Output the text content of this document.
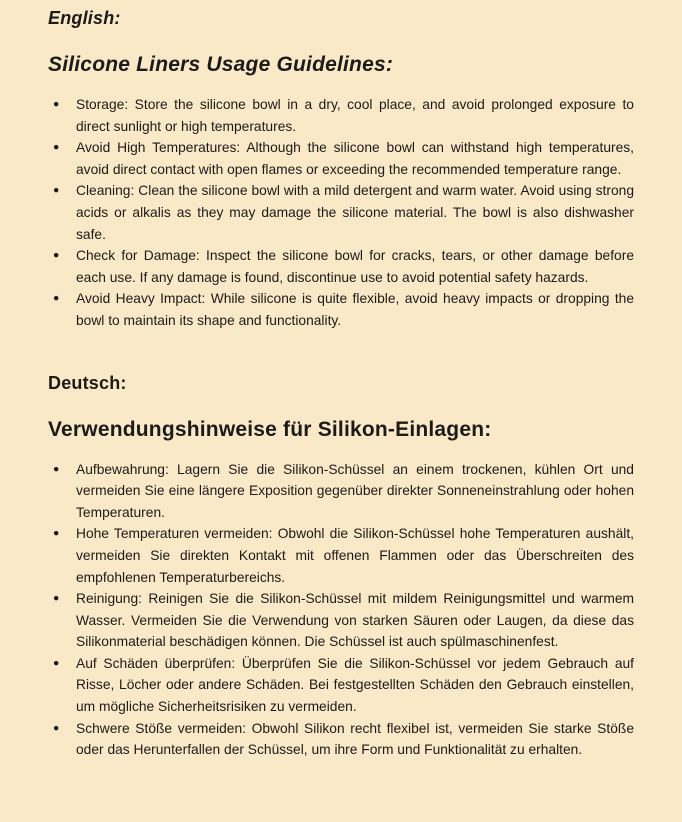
English:
Silicone Liners Usage Guidelines:
● Storage: Store the silicone bowl in a dry, cool place, and avoid prolonged exposure to direct sunlight or high temperatures.
● Avoid High Temperatures: Although the silicone bowl can withstand high temperatures, avoid direct contact with open flames or exceeding the recommended temperature range.
● Cleaning: Clean the silicone bowl with a mild detergent and warm water. Avoid using strong acids or alkalis as they may damage the silicone material. The bowl is also dishwasher safe.
● Check for Damage: Inspect the silicone bowl for cracks, tears, or other damage before each use. If any damage is found, discontinue use to avoid potential safety hazards.
● Avoid Heavy Impact: While silicone is quite flexible, avoid heavy impacts or dropping the bowl to maintain its shape and functionality.
Deutsch:
Verwendungshinweise für Silikon-Einlagen:
● Aufbewahrung: Lagern Sie die Silikon-Schüssel an einem trockenen, kühlen Ort und vermeiden Sie eine längere Exposition gegenüber direkter Sonneneinstrahlung oder hohen Temperaturen.
● Hohe Temperaturen vermeiden: Obwohl die Silikon-Schüssel hohe Temperaturen aushält, vermeiden Sie direkten Kontakt mit offenen Flammen oder das Überschreiten des empfohlenen Temperaturbereichs.
● Reinigung: Reinigen Sie die Silikon-Schüssel mit mildem Reinigungsmittel und warmem Wasser. Vermeiden Sie die Verwendung von starken Säuren oder Laugen, da diese das Silikonmaterial beschädigen können. Die Schüssel ist auch spülmaschinenfest.
● Auf Schäden überprüfen: Überprüfen Sie die Silikon-Schüssel vor jedem Gebrauch auf Risse, Löcher oder andere Schäden. Bei festgestellten Schäden den Gebrauch einstellen, um mögliche Sicherheitsrisiken zu vermeiden.
● Schwere Stöße vermeiden: Obwohl Silikon recht flexibel ist, vermeiden Sie starke Stöße oder das Herunterfallen der Schüssel, um ihre Form und Funktionalität zu erhalten.
